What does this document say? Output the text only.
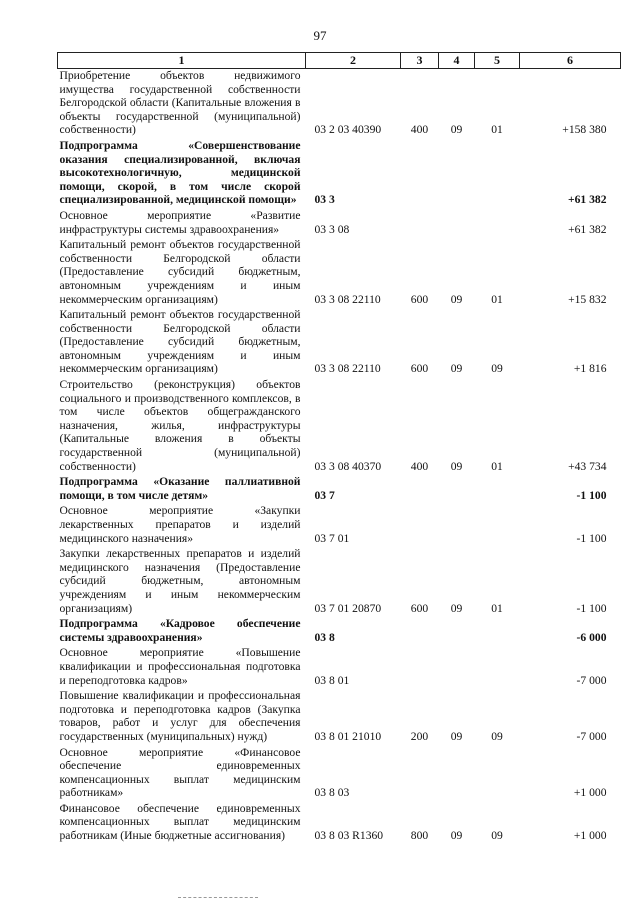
97
1	2	3	4	5	6
Приобретение объектов недвижимого имущества государственной собственности Белгородской области (Капитальные вложения в объекты государственной (муниципальной) собственности)	03 2 03 40390	400	09	01	+158 380
Подпрограмма «Совершенствование оказания специализированной, включая высокотехнологичную, медицинской помощи, скорой, в том числе скорой специализированной, медицинской помощи»	03 3				+61 382
Основное мероприятие «Развитие инфраструктуры системы здравоохранения»	03 3 08				+61 382
Капитальный ремонт объектов государственной собственности Белгородской области (Предоставление субсидий бюджетным, автономным учреждениям и иным некоммерческим организациям)	03 3 08 22110	600	09	01	+15 832
Капитальный ремонт объектов государственной собственности Белгородской области (Предоставление субсидий бюджетным, автономным учреждениям и иным некоммерческим организациям)	03 3 08 22110	600	09	09	+1 816
Строительство (реконструкция) объектов социального и производственного комплексов, в том числе объектов общегражданского назначения, жилья, инфраструктуры (Капитальные вложения в объекты государственной (муниципальной) собственности)	03 3 08 40370	400	09	01	+43 734
Подпрограмма «Оказание паллиативной помощи, в том числе детям»	03 7				-1 100
Основное мероприятие «Закупки лекарственных препаратов и изделий медицинского назначения»	03 7 01				-1 100
Закупки лекарственных препаратов и изделий медицинского назначения (Предоставление субсидий бюджетным, автономным учреждениям и иным некоммерческим организациям)	03 7 01 20870	600	09	01	-1 100
Подпрограмма «Кадровое обеспечение системы здравоохранения»	03 8				-6 000
Основное мероприятие «Повышение квалификации и профессиональная подготовка и переподготовка кадров»	03 8 01				-7 000
Повышение квалификации и профессиональная подготовка и переподготовка кадров (Закупка товаров, работ и услуг для обеспечения государственных (муниципальных) нужд)	03 8 01 21010	200	09	09	-7 000
Основное мероприятие «Финансовое обеспечение единовременных компенсационных выплат медицинским работникам»	03 8 03				+1 000
Финансовое обеспечение единовременных компенсационных выплат медицинским работникам (Иные бюджетные ассигнования)	03 8 03 R1360	800	09	09	+1 000
